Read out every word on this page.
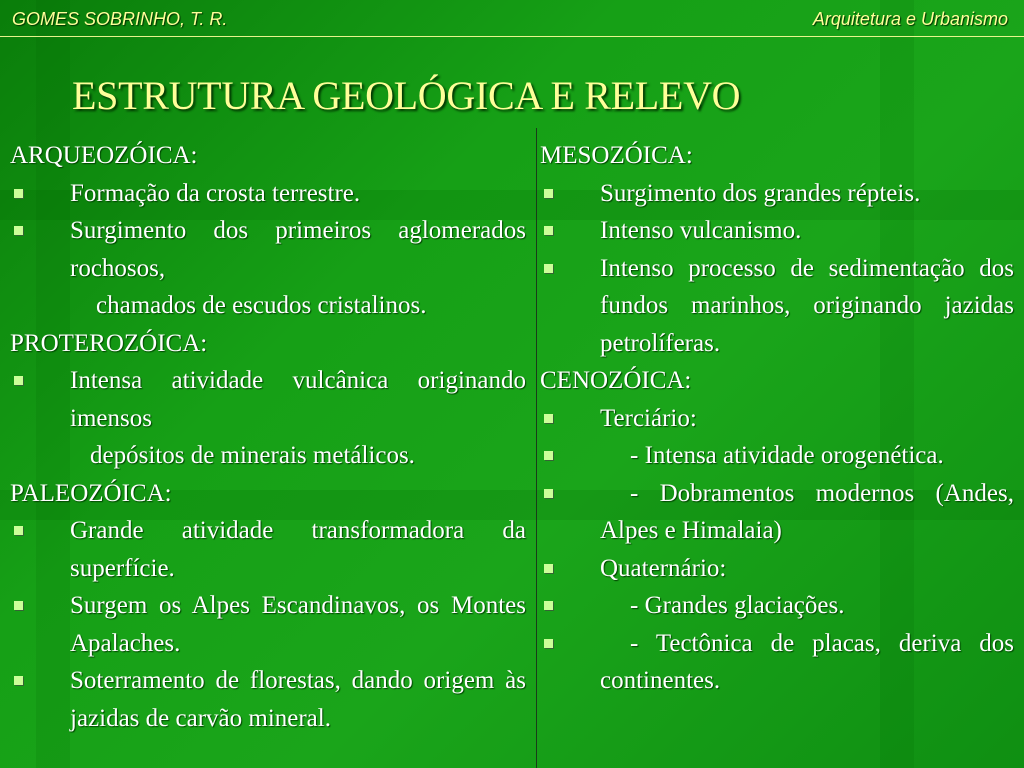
GOMES SOBRINHO, T. R.	Arquitetura e Urbanismo
ESTRUTURA GEOLÓGICA E RELEVO
ARQUEOZÓICA:
Formação da crosta terrestre.
Surgimento dos primeiros aglomerados rochosos,
chamados de escudos cristalinos.
PROTEROZÓICA:
Intensa atividade vulcânica originando imensos
depósitos de minerais metálicos.
PALEOZÓICA:
Grande atividade transformadora da superfície.
Surgem os Alpes Escandinavos, os Montes Apalaches.
Soterramento de florestas, dando origem às jazidas de carvão mineral.
MESOZÓICA:
Surgimento dos grandes répteis.
Intenso vulcanismo.
Intenso processo de sedimentação dos fundos marinhos, originando jazidas petrolíferas.
CENOZÓICA:
Terciário:
- Intensa atividade orogenética.
- Dobramentos modernos (Andes, Alpes e Himalaia)
Quaternário:
- Grandes glaciações.
- Tectônica de placas, deriva dos continentes.
